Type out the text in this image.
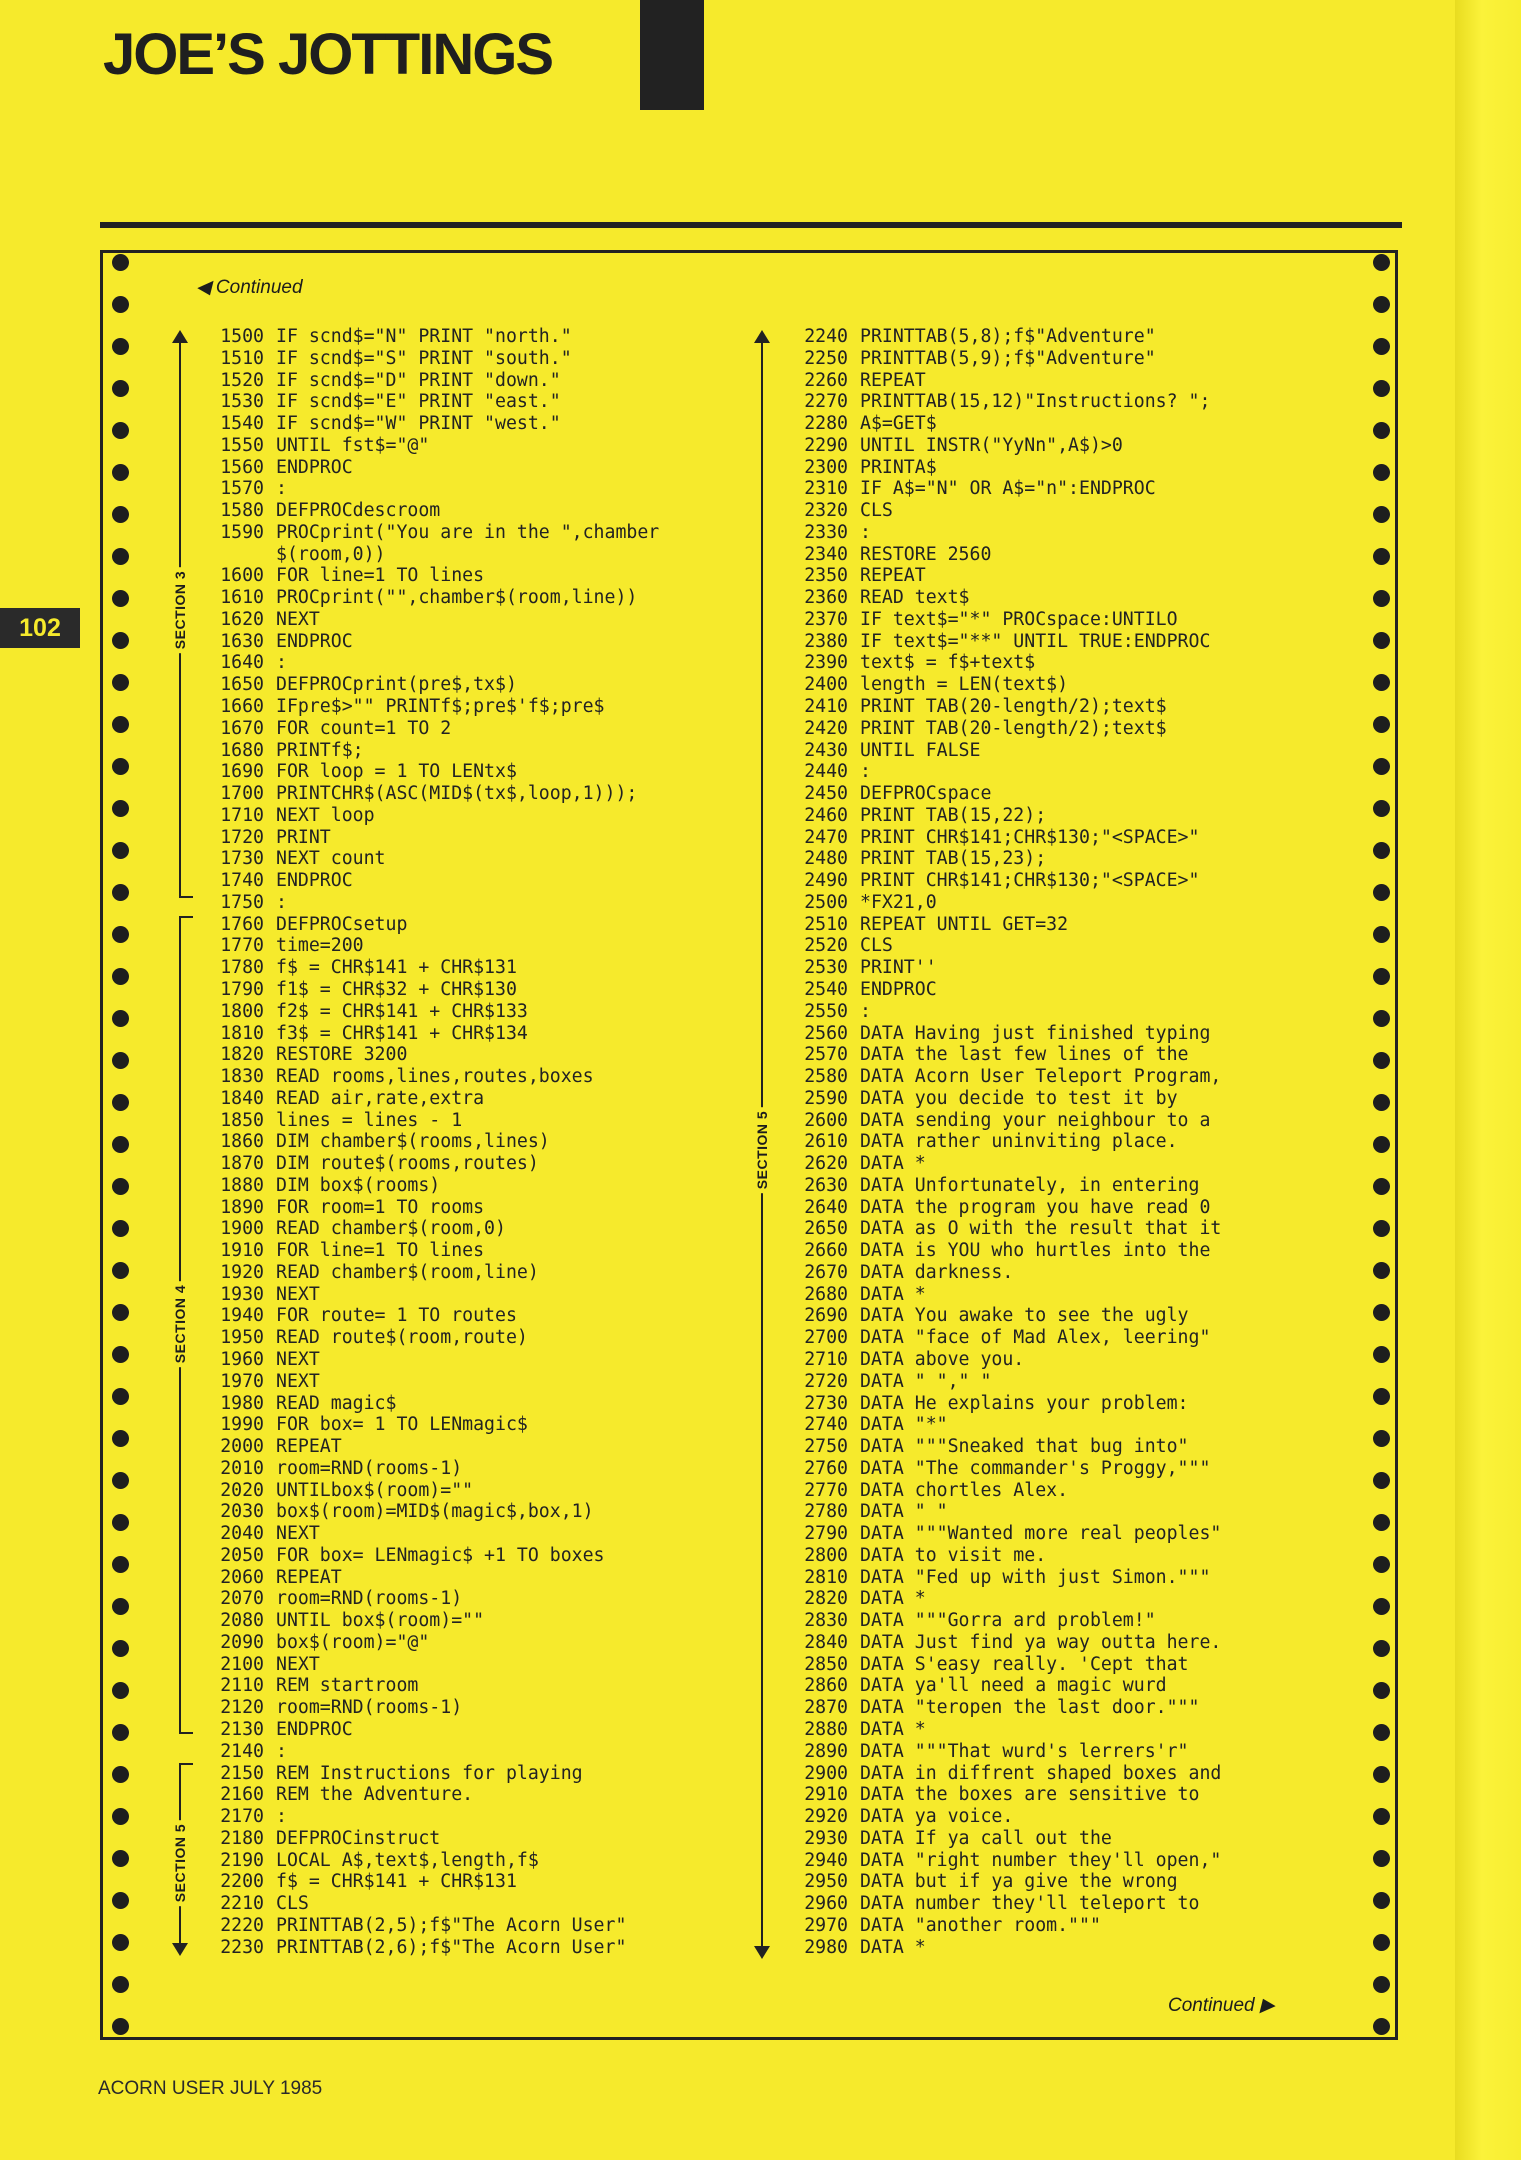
JOE’S JOTTINGS
102
◀ Continued
1500 IF scnd$="N" PRINT "north."
1510 IF scnd$="S" PRINT "south."
1520 IF scnd$="D" PRINT "down."
1530 IF scnd$="E" PRINT "east."
1540 IF scnd$="W" PRINT "west."
1550 UNTIL fst$="@"
1560 ENDPROC
1570 :
1580 DEFPROCdescroom
1590 PROCprint("You are in the ",chamber
$(room,0))
1600 FOR line=1 TO lines
1610 PROCprint("",chamber$(room,line))
1620 NEXT
1630 ENDPROC
1640 :
1650 DEFPROCprint(pre$,tx$)
1660 IFpre$>"" PRINTf$;pre$'f$;pre$
1670 FOR count=1 TO 2
1680 PRINTf$;
1690 FOR loop = 1 TO LENtx$
1700 PRINTCHR$(ASC(MID$(tx$,loop,1)));
1710 NEXT loop
1720 PRINT
1730 NEXT count
1740 ENDPROC
1750 :
1760 DEFPROCsetup
1770 time=200
1780 f$ = CHR$141 + CHR$131
1790 f1$ = CHR$32 + CHR$130
1800 f2$ = CHR$141 + CHR$133
1810 f3$ = CHR$141 + CHR$134
1820 RESTORE 3200
1830 READ rooms,lines,routes,boxes
1840 READ air,rate,extra
1850 lines = lines - 1
1860 DIM chamber$(rooms,lines)
1870 DIM route$(rooms,routes)
1880 DIM box$(rooms)
1890 FOR room=1 TO rooms
1900 READ chamber$(room,0)
1910 FOR line=1 TO lines
1920 READ chamber$(room,line)
1930 NEXT
1940 FOR route= 1 TO routes
1950 READ route$(room,route)
1960 NEXT
1970 NEXT
1980 READ magic$
1990 FOR box= 1 TO LENmagic$
2000 REPEAT
2010 room=RND(rooms-1)
2020 UNTILbox$(room)=""
2030 box$(room)=MID$(magic$,box,1)
2040 NEXT
2050 FOR box= LENmagic$ +1 TO boxes
2060 REPEAT
2070 room=RND(rooms-1)
2080 UNTIL box$(room)=""
2090 box$(room)="@"
2100 NEXT
2110 REM startroom
2120 room=RND(rooms-1)
2130 ENDPROC
2140 :
2150 REM Instructions for playing
2160 REM the Adventure.
2170 :
2180 DEFPROCinstruct
2190 LOCAL A$,text$,length,f$
2200 f$ = CHR$141 + CHR$131
2210 CLS
2220 PRINTTAB(2,5);f$"The Acorn User"
2230 PRINTTAB(2,6);f$"The Acorn User"
2240 PRINTTAB(5,8);f$"Adventure"
2250 PRINTTAB(5,9);f$"Adventure"
2260 REPEAT
2270 PRINTTAB(15,12)"Instructions? ";
2280 A$=GET$
2290 UNTIL INSTR("YyNn",A$)>0
2300 PRINTA$
2310 IF A$="N" OR A$="n":ENDPROC
2320 CLS
2330 :
2340 RESTORE 2560
2350 REPEAT
2360 READ text$
2370 IF text$="*" PROCspace:UNTILO
2380 IF text$="**" UNTIL TRUE:ENDPROC
2390 text$ = f$+text$
2400 length = LEN(text$)
2410 PRINT TAB(20-length/2);text$
2420 PRINT TAB(20-length/2);text$
2430 UNTIL FALSE
2440 :
2450 DEFPROCspace
2460 PRINT TAB(15,22);
2470 PRINT CHR$141;CHR$130;"<SPACE>"
2480 PRINT TAB(15,23);
2490 PRINT CHR$141;CHR$130;"<SPACE>"
2500 *FX21,0
2510 REPEAT UNTIL GET=32
2520 CLS
2530 PRINT''
2540 ENDPROC
2550 :
2560 DATA Having just finished typing
2570 DATA the last few lines of the
2580 DATA Acorn User Teleport Program,
2590 DATA you decide to test it by
2600 DATA sending your neighbour to a
2610 DATA rather uninviting place.
2620 DATA *
2630 DATA Unfortunately, in entering
2640 DATA the program you have read 0
2650 DATA as O with the result that it
2660 DATA is YOU who hurtles into the
2670 DATA darkness.
2680 DATA *
2690 DATA You awake to see the ugly
2700 DATA "face of Mad Alex, leering"
2710 DATA above you.
2720 DATA " "," "
2730 DATA He explains your problem:
2740 DATA "*"
2750 DATA """Sneaked that bug into"
2760 DATA "The commander's Proggy,"""
2770 DATA chortles Alex.
2780 DATA " "
2790 DATA """Wanted more real peoples"
2800 DATA to visit me.
2810 DATA "Fed up with just Simon."""
2820 DATA *
2830 DATA """Gorra ard problem!"
2840 DATA Just find ya way outta here.
2850 DATA S'easy really. 'Cept that
2860 DATA ya'll need a magic wurd
2870 DATA "teropen the last door."""
2880 DATA *
2890 DATA """That wurd's lerrers'r"
2900 DATA in diffrent shaped boxes and
2910 DATA the boxes are sensitive to
2920 DATA ya voice.
2930 DATA If ya call out the
2940 DATA "right number they'll open,"
2950 DATA but if ya give the wrong
2960 DATA number they'll teleport to
2970 DATA "another room."""
2980 DATA *
SECTION 3
SECTION 4
SECTION 5
SECTION 5
Continued ▶
ACORN USER JULY 1985
